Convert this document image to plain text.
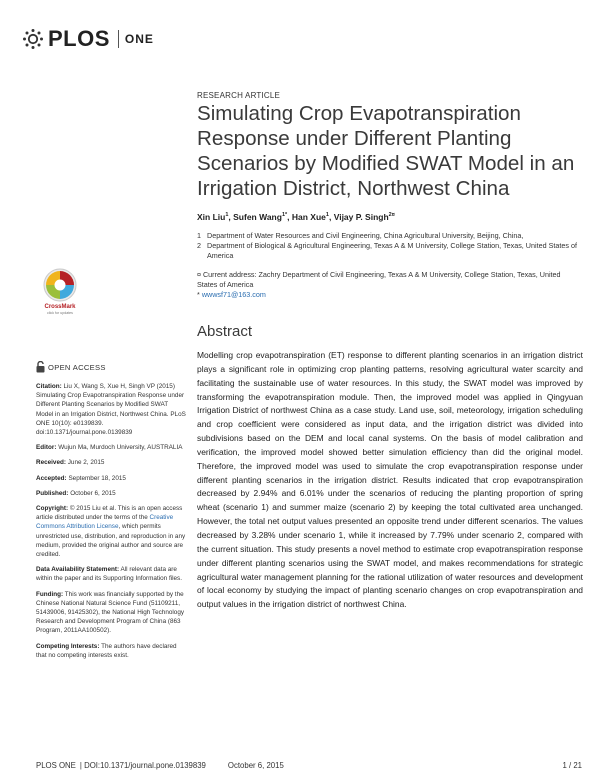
PLOS ONE
RESEARCH ARTICLE
Simulating Crop Evapotranspiration Response under Different Planting Scenarios by Modified SWAT Model in an Irrigation District, Northwest China
Xin Liu$^1$, Sufen Wang$^{1*}$, Han Xue$^1$, Vijay P. Singh$^{2¤}$
1 Department of Water Resources and Civil Engineering, China Agricultural University, Beijing, China,
2 Department of Biological & Agricultural Engineering, Texas A & M University, College Station, Texas, United States of America
¤ Current address: Zachry Department of Civil Engineering, Texas A & M University, College Station, Texas, United States of America
* wwwsf71@163.com
CrossMark
click for updates
OPEN ACCESS
Citation: Liu X, Wang S, Xue H, Singh VP (2015) Simulating Crop Evapotranspiration Response under Different Planting Scenarios by Modified SWAT Model in an Irrigation District, Northwest China. PLoS ONE 10(10): e0139839. doi:10.1371/journal.pone.0139839
Editor: Wujun Ma, Murdoch University, AUSTRALIA
Received: June 2, 2015
Accepted: September 18, 2015
Published: October 6, 2015
Copyright: © 2015 Liu et al. This is an open access article distributed under the terms of the Creative Commons Attribution License, which permits unrestricted use, distribution, and reproduction in any medium, provided the original author and source are credited.
Data Availability Statement: All relevant data are within the paper and its Supporting Information files.
Funding: This work was financially supported by the Chinese National Natural Science Fund (51109211, 51439006, 91425302), the National High Technology Research and Development Program of China (863 Program, 2011AA100502).
Competing Interests: The authors have declared that no competing interests exist.
Abstract

Modelling crop evapotranspiration (ET) response to different planting scenarios in an irrigation district plays a significant role in optimizing crop planting patterns, resolving agricultural water scarcity and facilitating the sustainable use of water resources. In this study, the SWAT model was improved by transforming the evapotranspiration module. Then, the improved model was applied in Qingyuan Irrigation District of northwest China as a case study. Land use, soil, meteorology, irrigation scheduling and crop coefficient were considered as input data, and the irrigation district was divided into subdivisions based on the DEM and local canal systems. On the basis of model calibration and verification, the improved model showed better simulation efficiency than did the original model. Therefore, the improved model was used to simulate the crop evapotranspiration response under different planting scenarios in the irrigation district. Results indicated that crop evapotranspiration decreased by 2.94% and 6.01% under the scenarios of reducing the planting proportion of spring wheat (scenario 1) and summer maize (scenario 2) by keeping the total cultivated area unchanged. However, the total net output values presented an opposite trend under different scenarios. The values decreased by 3.28% under scenario 1, while it increased by 7.79% under scenario 2, compared with the current situation. This study presents a novel method to estimate crop evapotranspiration response under different planting scenarios using the SWAT model, and makes recommendations for strategic agricultural water management planning for the rational utilization of water resources and development of local economy by studying the impact of planting scenario changes on crop evapotranspiration and output values in the irrigation district of northwest China.

PLOS ONE | DOI:10.1371/journal.pone.0139839	October 6, 2015	1 / 21
